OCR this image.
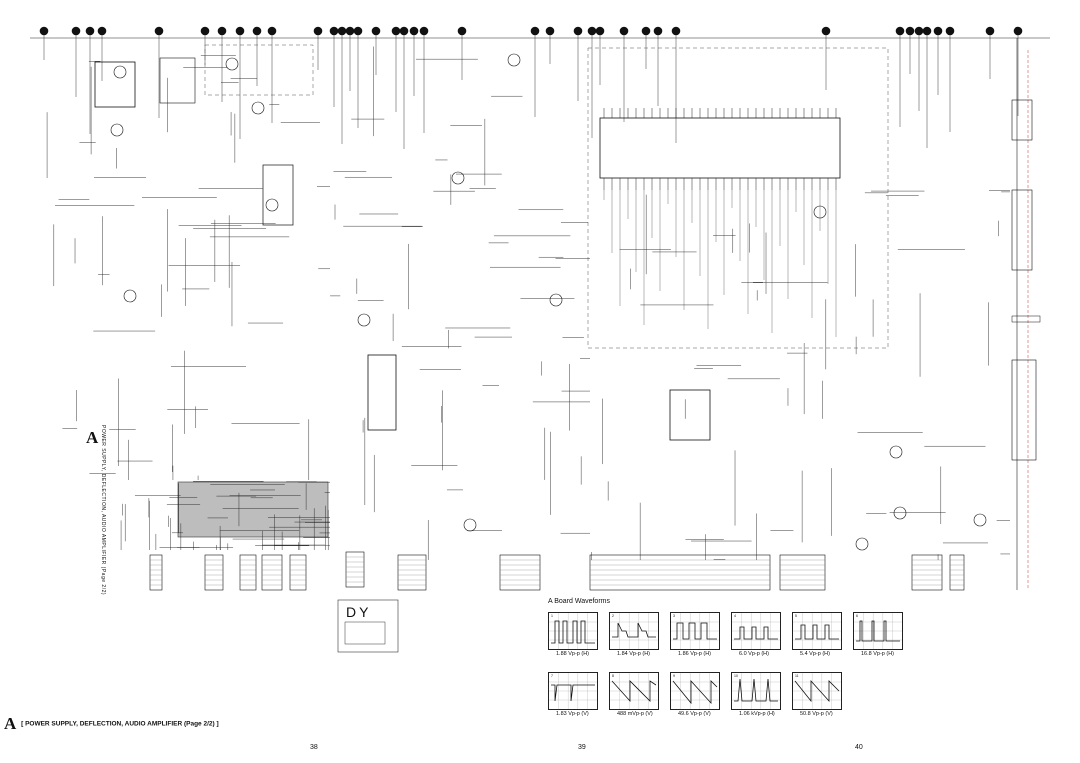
A POWER SUPPLY, DEFLECTION, AUDIO AMPLIFIER (Page 2/2)
DY
A Board Waveforms
1
1.88 Vp-p (H)
2
1.84 Vp-p (H)
3
1.86 Vp-p (H)
4
6.0 Vp-p (H)
5
5.4 Vp-p (H)
6
16.8 Vp-p (H)
7
1.83 Vp-p (V)
8
488 mVp-p (V)
9
49.6 Vp-p (V)
10
1.06 kVp-p (H)
11
50.8 Vp-p (V)
A [ POWER SUPPLY, DEFLECTION, AUDIO AMPLIFIER (Page 2/2) ]
38	39	40
